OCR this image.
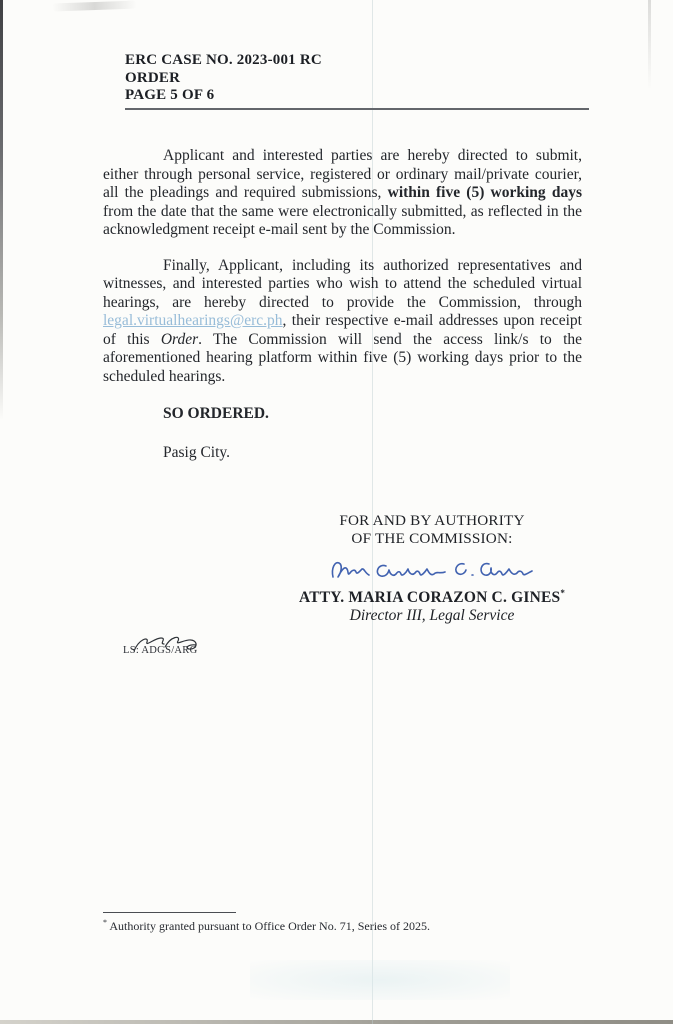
ERC CASE NO. 2023-001 RC
ORDER
PAGE 5 OF 6

Applicant and interested parties are hereby directed to submit, either through personal service, registered or ordinary mail/private courier, all the pleadings and required submissions, within five (5) working days from the date that the same were electronically submitted, as reflected in the acknowledgment receipt e-mail sent by the Commission.

Finally, Applicant, including its authorized representatives and witnesses, and interested parties who wish to attend the scheduled virtual hearings, are hereby directed to provide the Commission, through legal.virtualhearings@erc.ph, their respective e-mail addresses upon receipt of this Order. The Commission will send the access link/s to the aforementioned hearing platform within five (5) working days prior to the scheduled hearings.

SO ORDERED.

Pasig City.

FOR AND BY AUTHORITY
OF THE COMMISSION:
ATTY. MARIA CORAZON C. GINES*
Director III, Legal Service
LS: ADGS/ARG
* Authority granted pursuant to Office Order No. 71, Series of 2025.
